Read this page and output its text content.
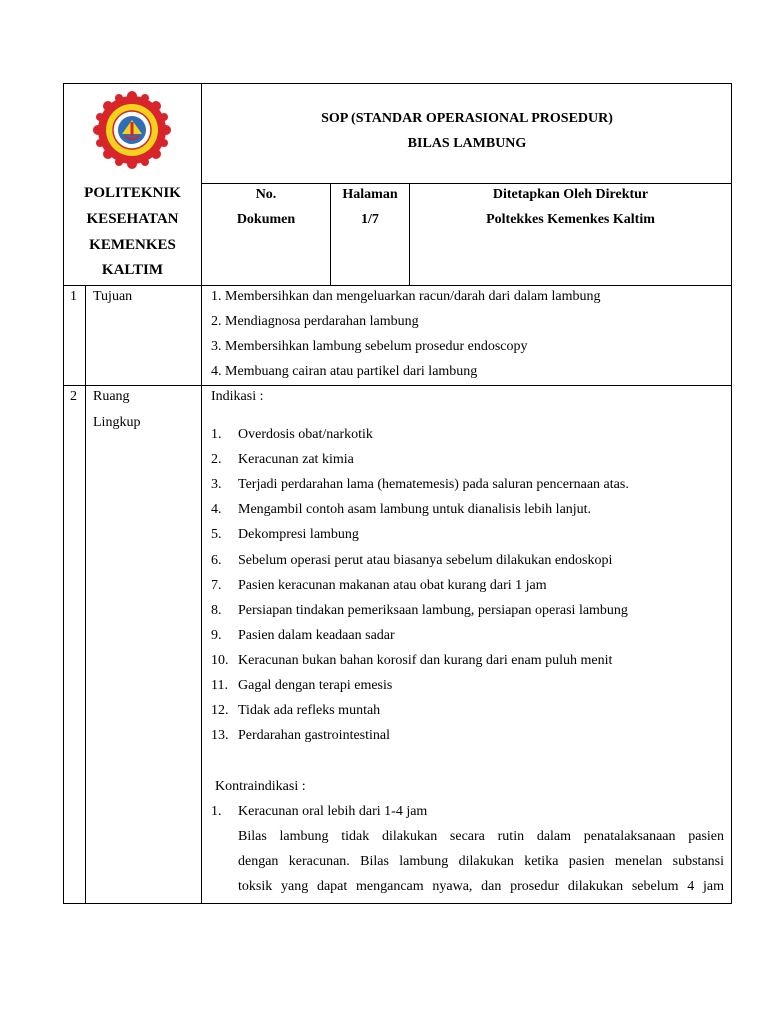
SOP (STANDAR OPERASIONAL PROSEDUR)
BILAS LAMBUNG
POLITEKNIK
KESEHATAN
KEMENKES
KALTIM
No.
Dokumen
Halaman
1/7
Ditetapkan Oleh Direktur
Poltekkes Kemenkes Kaltim
1 Tujuan	1. Membersihkan dan mengeluarkan racun/darah dari dalam lambung
2. Mendiagnosa perdarahan lambung
3. Membersihkan lambung sebelum prosedur endoscopy
4. Membuang cairan atau partikel dari lambung
2 Ruang
Lingkup
Indikasi :
1. Overdosis obat/narkotik
2. Keracunan zat kimia
3. Terjadi perdarahan lama (hematemesis) pada saluran pencernaan atas.
4. Mengambil contoh asam lambung untuk dianalisis lebih lanjut.
5. Dekompresi lambung
6. Sebelum operasi perut atau biasanya sebelum dilakukan endoskopi
7. Pasien keracunan makanan atau obat kurang dari 1 jam
8. Persiapan tindakan pemeriksaan lambung, persiapan operasi lambung
9. Pasien dalam keadaan sadar
10. Keracunan bukan bahan korosif dan kurang dari enam puluh menit
11. Gagal dengan terapi emesis
12. Tidak ada refleks muntah
13. Perdarahan gastrointestinal
Kontraindikasi :
1. Keracunan oral lebih dari 1-4 jam
Bilas lambung tidak dilakukan secara rutin dalam penatalaksanaan pasien
dengan keracunan. Bilas lambung dilakukan ketika pasien menelan substansi
toksik yang dapat mengancam nyawa, dan prosedur dilakukan sebelum 4 jam
